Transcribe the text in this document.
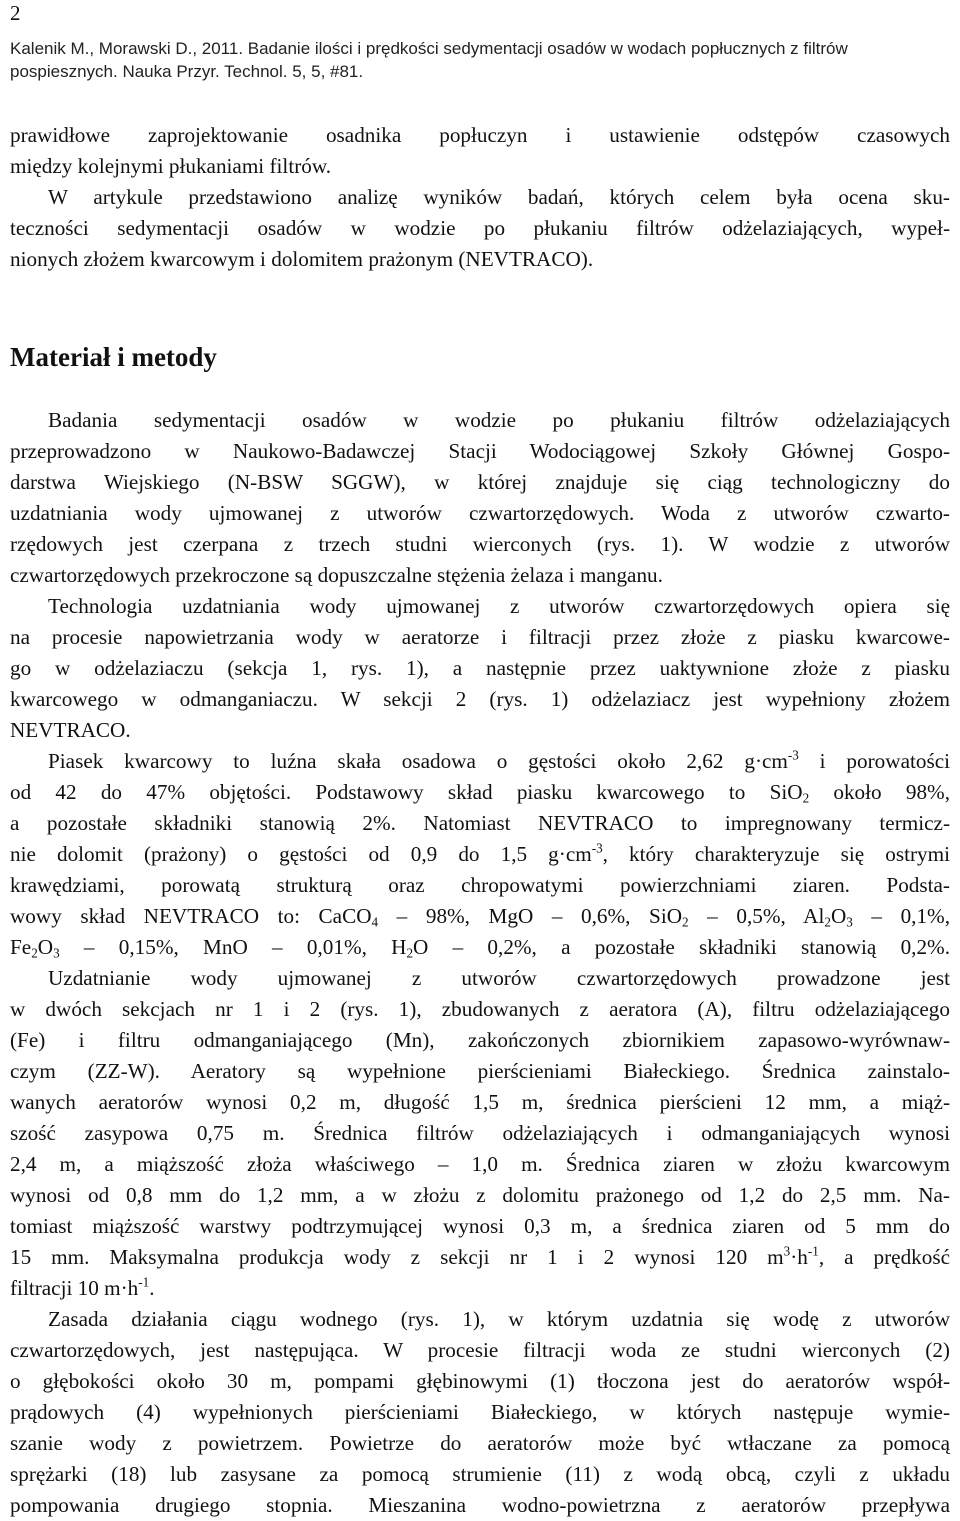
2
Kalenik M., Morawski D., 2011. Badanie ilości i prędkości sedymentacji osadów w wodach popłucznych z filtrów
pospiesznych. Nauka Przyr. Technol. 5, 5, #81.
prawidłowe zaprojektowanie osadnika popłuczyn i ustawienie odstępów czasowych
między kolejnymi płukaniami filtrów.
W artykule przedstawiono analizę wyników badań, których celem była ocena sku-
teczności sedymentacji osadów w wodzie po płukaniu filtrów odżelaziających, wypeł-
nionych złożem kwarcowym i dolomitem prażonym (NEVTRACO).
Materiał i metody
Badania sedymentacji osadów w wodzie po płukaniu filtrów odżelaziających
przeprowadzono w Naukowo-Badawczej Stacji Wodociągowej Szkoły Głównej Gospo-
darstwa Wiejskiego (N-BSW SGGW), w której znajduje się ciąg technologiczny do
uzdatniania wody ujmowanej z utworów czwartorzędowych. Woda z utworów czwarto-
rzędowych jest czerpana z trzech studni wierconych (rys. 1). W wodzie z utworów
czwartorzędowych przekroczone są dopuszczalne stężenia żelaza i manganu.
Technologia uzdatniania wody ujmowanej z utworów czwartorzędowych opiera się
na procesie napowietrzania wody w aeratorze i filtracji przez złoże z piasku kwarcowe-
go w odżelaziaczu (sekcja 1, rys. 1), a następnie przez uaktywnione złoże z piasku
kwarcowego w odmanganiaczu. W sekcji 2 (rys. 1) odżelaziacz jest wypełniony złożem
NEVTRACO.
Piasek kwarcowy to luźna skała osadowa o gęstości około 2,62 $g\cdot cm^{-3}$ i porowatości
od 42 do 47% objętości. Podstawowy skład piasku kwarcowego to SiO$_2$ około 98%,
a pozostałe składniki stanowią 2%. Natomiast NEVTRACO to impregnowany termicz-
nie dolomit (prażony) o gęstości od 0,9 do 1,5 $g\cdot cm^{-3}$, który charakteryzuje się ostrymi
krawędziami, porowatą strukturą oraz chropowatymi powierzchniami ziaren. Podsta-
wowy skład NEVTRACO to: CaCO$_4$ – 98%, MgO – 0,6%, SiO$_2$ – 0,5%, $Al_2O_3 - 0,1\%$,
$Fe_2O_3 - 0,15\%$, MnO – 0,01%, $H_2O - 0,2\%$, a pozostałe składniki stanowią 0,2%.
Uzdatnianie wody ujmowanej z utworów czwartorzędowych prowadzone jest
w dwóch sekcjach nr 1 i 2 (rys. 1), zbudowanych z aeratora (A), filtru odżelaziającego
(Fe) i filtru odmanganiającego (Mn), zakończonych zbiornikiem zapasowo-wyrównaw-
czym (ZZ-W). Aeratory są wypełnione pierścieniami Białeckiego. Średnica zainstalo-
wanych aeratorów wynosi 0,2 m, długość 1,5 m, średnica pierścieni 12 mm, a miąż-
szość zasypowa 0,75 m. Średnica filtrów odżelaziających i odmanganiających wynosi
2,4 m, a miąższość złoża właściwego – 1,0 m. Średnica ziaren w złożu kwarcowym
wynosi od 0,8 mm do 1,2 mm, a w złożu z dolomitu prażonego od 1,2 do 2,5 mm. Na-
tomiast miąższość warstwy podtrzymującej wynosi 0,3 m, a średnica ziaren od 5 mm do
15 mm. Maksymalna produkcja wody z sekcji nr 1 i 2 wynosi 120 $m^3\cdot h^{-1}$, a prędkość
filtracji 10 $m\cdot h^{-1}$.
Zasada działania ciągu wodnego (rys. 1), w którym uzdatnia się wodę z utworów
czwartorzędowych, jest następująca. W procesie filtracji woda ze studni wierconych (2)
o głębokości około 30 m, pompami głębinowymi (1) tłoczona jest do aeratorów współ-
prądowych (4) wypełnionych pierścieniami Białeckiego, w których następuje wymie-
szanie wody z powietrzem. Powietrze do aeratorów może być wtłaczane za pomocą
sprężarki (18) lub zasysane za pomocą strumienie (11) z wodą obcą, czyli z układu
pompowania drugiego stopnia. Mieszanina wodno-powietrzna z aeratorów przepływa
